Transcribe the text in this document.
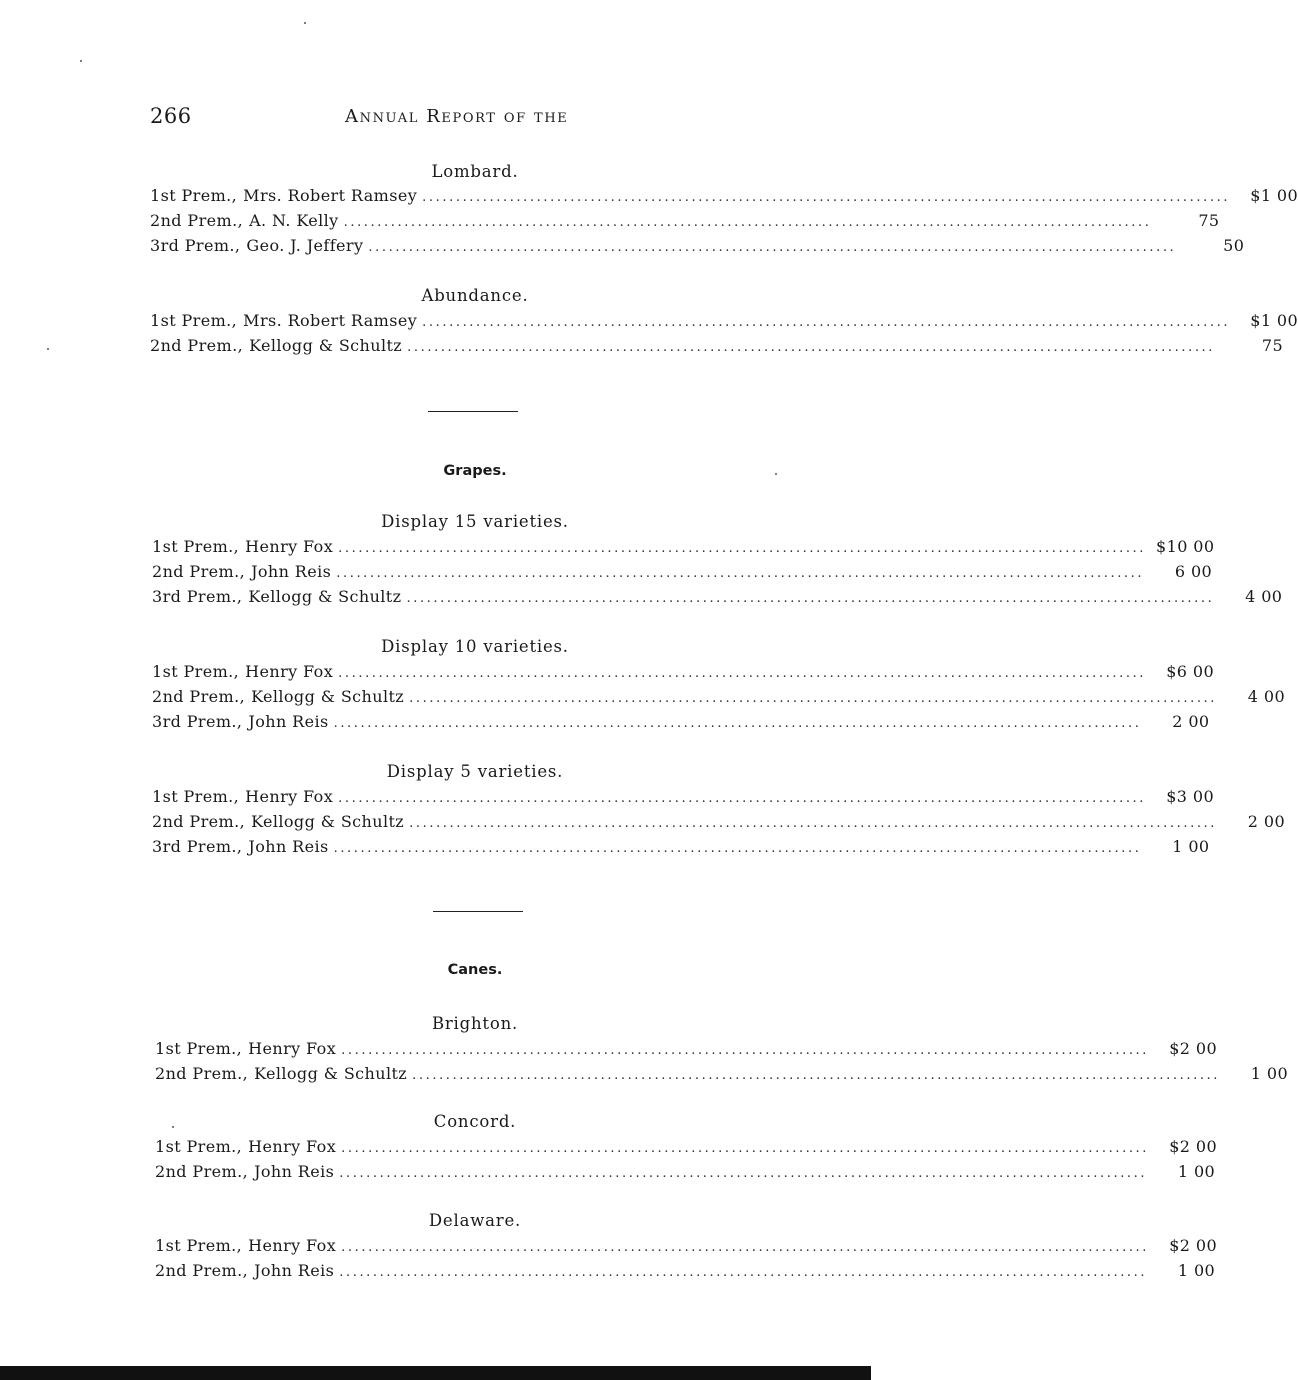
266	Annual Report of the
Lombard.
1st Prem. , Mrs. Robert Ramsey ........................................................................................................................	$1 00
2nd Prem. , A. N. Kelly ........................................................................................................................	75
3rd Prem. , Geo. J. Jeffery ........................................................................................................................	50
Abundance.
1st Prem. , Mrs. Robert Ramsey ........................................................................................................................	$1 00
2nd Prem. , Kellogg & Schultz ........................................................................................................................	75
Grapes.
Display 15 varieties.
1st Prem. , Henry Fox ........................................................................................................................ $10 00
2nd Prem. , John Reis ........................................................................................................................	6 00
3rd Prem. , Kellogg & Schultz ........................................................................................................................	4 00
Display 10 varieties.
1st Prem. , Henry Fox ........................................................................................................................	$6 00
2nd Prem. , Kellogg & Schultz ........................................................................................................................	4 00
3rd Prem. , John Reis ........................................................................................................................	2 00
Display 5 varieties.
1st Prem. , Henry Fox ........................................................................................................................	$3 00
2nd Prem. , Kellogg & Schultz ........................................................................................................................	2 00
3rd Prem. , John Reis ........................................................................................................................	1 00
Canes.
Brighton.
1st Prem. , Henry Fox ........................................................................................................................	$2 00
2nd Prem. , Kellogg & Schultz ........................................................................................................................	1 00
Concord.
1st Prem. , Henry Fox ........................................................................................................................	$2 00
2nd Prem. , John Reis ........................................................................................................................	1 00
Delaware.
1st Prem. , Henry Fox ........................................................................................................................	$2 00
2nd Prem. , John Reis ........................................................................................................................	1 00
